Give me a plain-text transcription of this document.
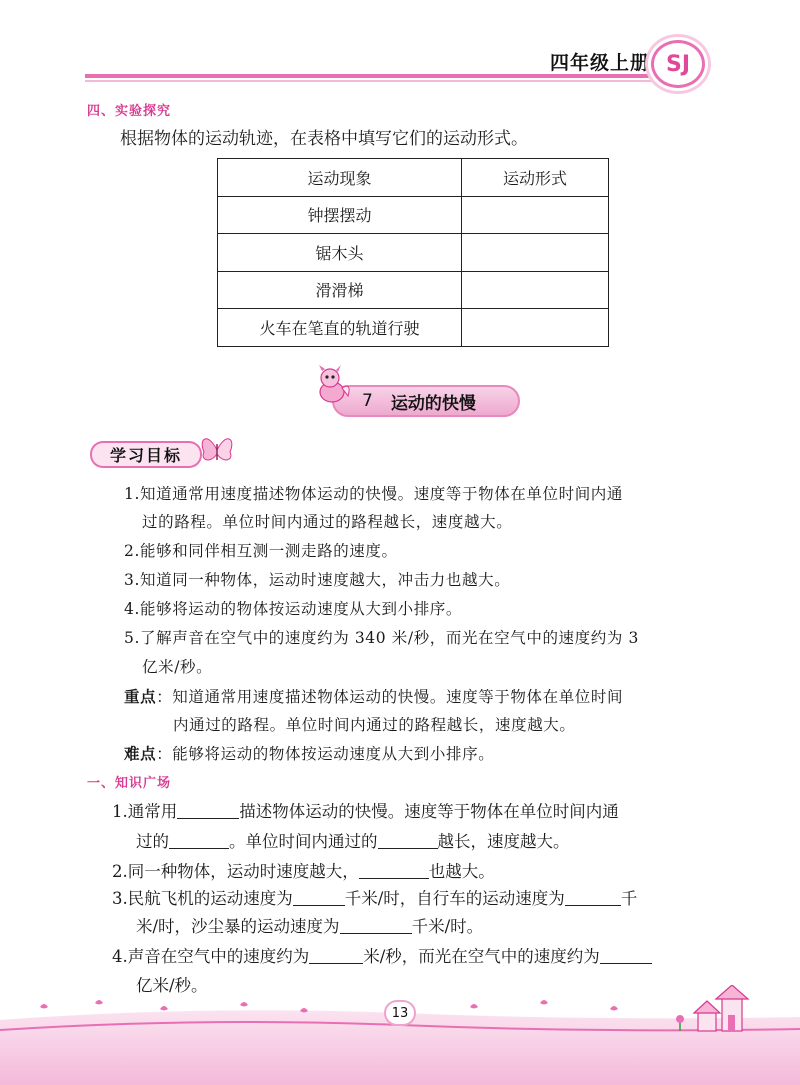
四年级上册 SJ
四、实验探究
根据物体的运动轨迹，在表格中填写它们的运动形式。
运动现象	运动形式
钟摆摆动	
锯木头	
滑滑梯	
火车在笔直的轨道行驶	
7 运动的快慢
学习目标
1.知道通常用速度描述物体运动的快慢。速度等于物体在单位时间内通
过的路程。单位时间内通过的路程越长，速度越大。
2.能够和同伴相互测一测走路的速度。
3.知道同一种物体，运动时速度越大，冲击力也越大。
4.能够将运动的物体按运动速度从大到小排序。
5.了解声音在空气中的速度约为 340 米/秒，而光在空气中的速度约为 3
亿米/秒。
重点：知道通常用速度描述物体运动的快慢。速度等于物体在单位时间
内通过的路程。单位时间内通过的路程越长，速度越大。
难点：能够将运动的物体按运动速度从大到小排序。
一、知识广场
1.通常用	描述物体运动的快慢。速度等于物体在单位时间内通
过的	。单位时间内通过的	越长，速度越大。
2.同一种物体，运动时速度越大，	也越大。
3.民航飞机的运动速度为	千米/时，自行车的运动速度为	千
米/时，沙尘暴的运动速度为	千米/时。
4.声音在空气中的速度约为	米/秒，而光在空气中的速度约为
亿米/秒。
13
